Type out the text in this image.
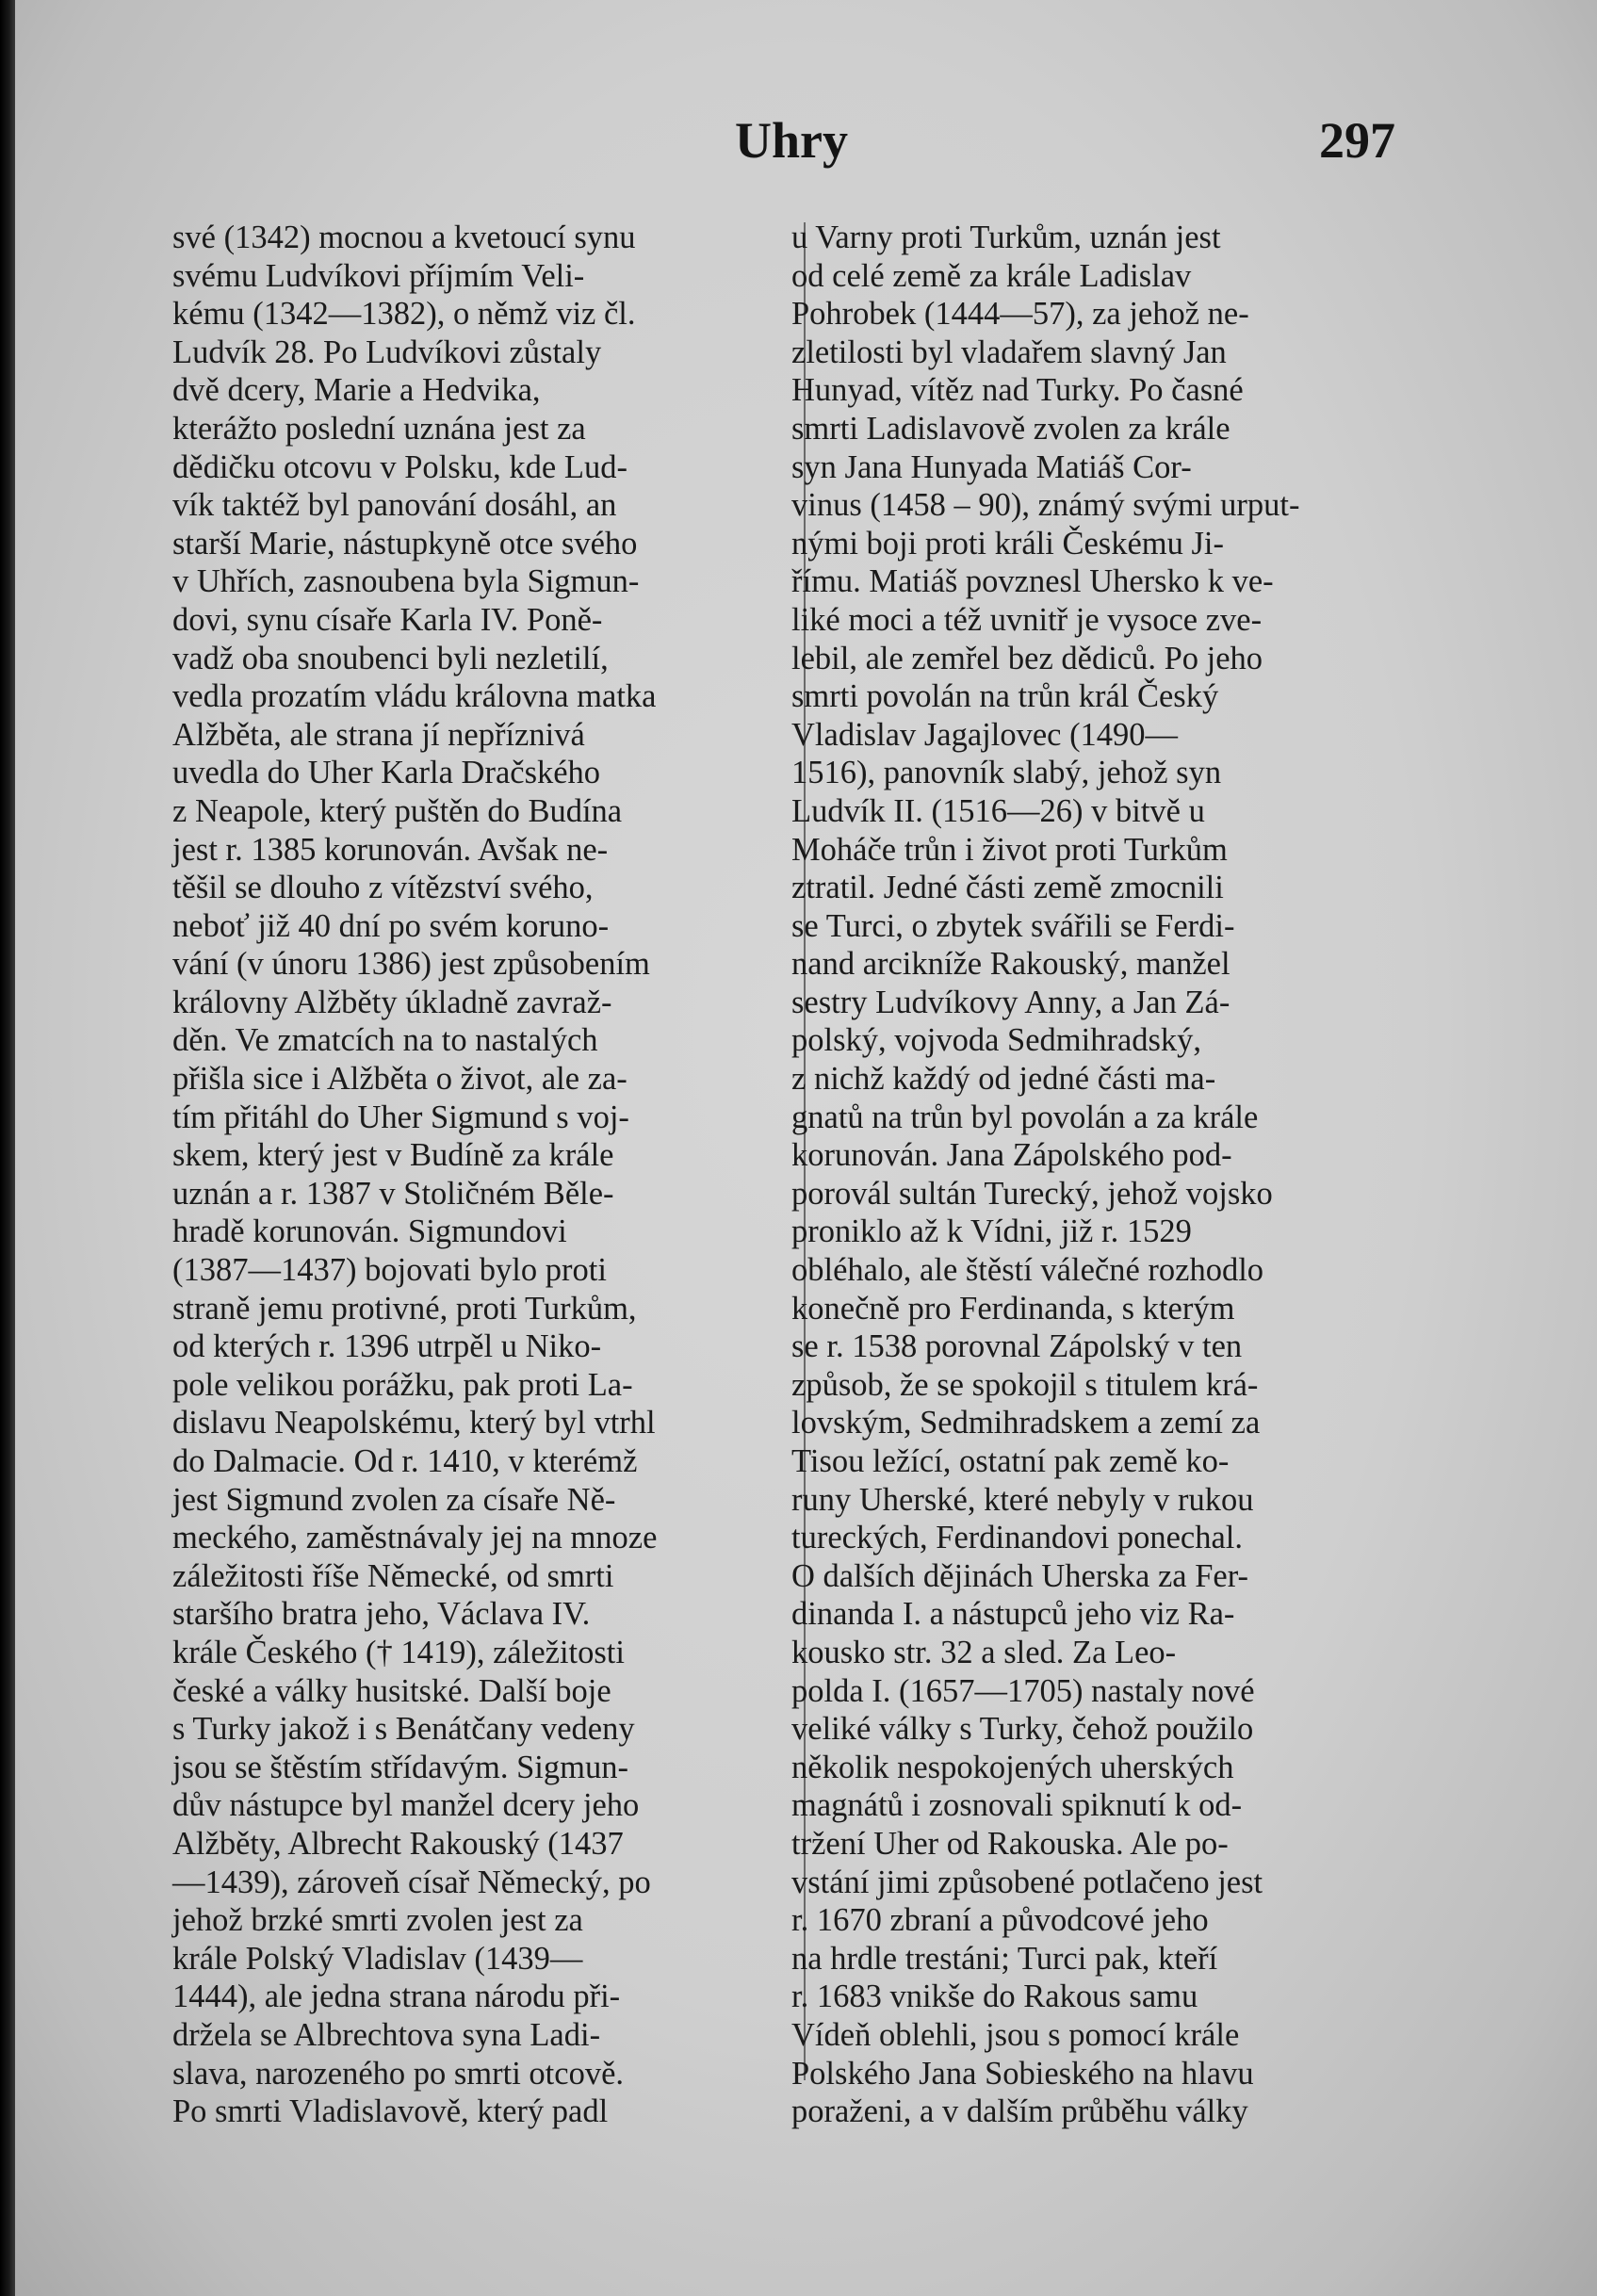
Uhry	297
své (1342) mocnou a kvetoucí synu
svému Ludvíkovi příjmím Veli-
kému (1342—1382), o němž viz čl.
Ludvík 28. Po Ludvíkovi zůstaly
dvě dcery, Marie a Hedvika,
kterážto poslední uznána jest za
dědičku otcovu v Polsku, kde Lud-
vík taktéž byl panování dosáhl, an
starší Marie, nástupkyně otce svého
v Uhřích, zasnoubena byla Sigmun-
dovi, synu císaře Karla IV. Poně-
vadž oba snoubenci byli nezletilí,
vedla prozatím vládu královna matka
Alžběta, ale strana jí nepříznivá
uvedla do Uher Karla Dračského
z Neapole, který puštěn do Budína
jest r. 1385 korunován. Avšak ne-
těšil se dlouho z vítězství svého,
neboť již 40 dní po svém koruno-
vání (v únoru 1386) jest způsobením
královny Alžběty úkladně zavraž-
děn. Ve zmatcích na to nastalých
přišla sice i Alžběta o život, ale za-
tím přitáhl do Uher Sigmund s voj-
skem, který jest v Budíně za krále
uznán a r. 1387 v Stoličném Běle-
hradě korunován. Sigmundovi
(1387—1437) bojovati bylo proti
straně jemu protivné, proti Turkům,
od kterých r. 1396 utrpěl u Niko-
pole velikou porážku, pak proti La-
dislavu Neapolskému, který byl vtrhl
do Dalmacie. Od r. 1410, v kterémž
jest Sigmund zvolen za císaře Ně-
meckého, zaměstnávaly jej na mnoze
záležitosti říše Německé, od smrti
staršího bratra jeho, Václava IV.
krále Českého († 1419), záležitosti
české a války husitské. Další boje
s Turky jakož i s Benátčany vedeny
jsou se štěstím střídavým. Sigmun-
dův nástupce byl manžel dcery jeho
Alžběty, Albrecht Rakouský (1437
—1439), zároveň císař Německý, po
jehož brzké smrti zvolen jest za
krále Polský Vladislav (1439—
1444), ale jedna strana národu při-
držela se Albrechtova syna Ladi-
slava, narozeného po smrti otcově.
Po smrti Vladislavově, který padl
u Varny proti Turkům, uznán jest
od celé země za krále Ladislav
Pohrobek (1444—57), za jehož ne-
zletilosti byl vladařem slavný Jan
Hunyad, vítěz nad Turky. Po časné
smrti Ladislavově zvolen za krále
syn Jana Hunyada Matiáš Cor-
vinus (1458 – 90), známý svými urput-
nými boji proti králi Českému Ji-
římu. Matiáš povznesl Uhersko k ve-
liké moci a též uvnitř je vysoce zve-
lebil, ale zemřel bez dědiců. Po jeho
smrti povolán na trůn král Český
Vladislav Jagajlovec (1490—
1516), panovník slabý, jehož syn
Ludvík II. (1516—26) v bitvě u
Moháče trůn i život proti Turkům
ztratil. Jedné části země zmocnili
se Turci, o zbytek svářili se Ferdi-
nand arcikníže Rakouský, manžel
sestry Ludvíkovy Anny, a Jan Zá-
polský, vojvoda Sedmihradský,
z nichž každý od jedné části ma-
gnatů na trůn byl povolán a za krále
korunován. Jana Zápolského pod-
porovál sultán Turecký, jehož vojsko
proniklo až k Vídni, již r. 1529
obléhalo, ale štěstí válečné rozhodlo
konečně pro Ferdinanda, s kterým
se r. 1538 porovnal Zápolský v ten
způsob, že se spokojil s titulem krá-
lovským, Sedmihradskem a zemí za
Tisou ležící, ostatní pak země ko-
runy Uherské, které nebyly v rukou
tureckých, Ferdinandovi ponechal.
O dalších dějinách Uherska za Fer-
dinanda I. a nástupců jeho viz Ra-
kousko str. 32 a sled. Za Leo-
polda I. (1657—1705) nastaly nové
veliké války s Turky, čehož použilo
několik nespokojených uherských
magnátů i zosnovali spiknutí k od-
tržení Uher od Rakouska. Ale po-
vstání jimi způsobené potlačeno jest
r. 1670 zbraní a původcové jeho
na hrdle trestáni; Turci pak, kteří
r. 1683 vnikše do Rakous samu
Vídeň oblehli, jsou s pomocí krále
Polského Jana Sobieského na hlavu
poraženi, a v dalším průběhu války
